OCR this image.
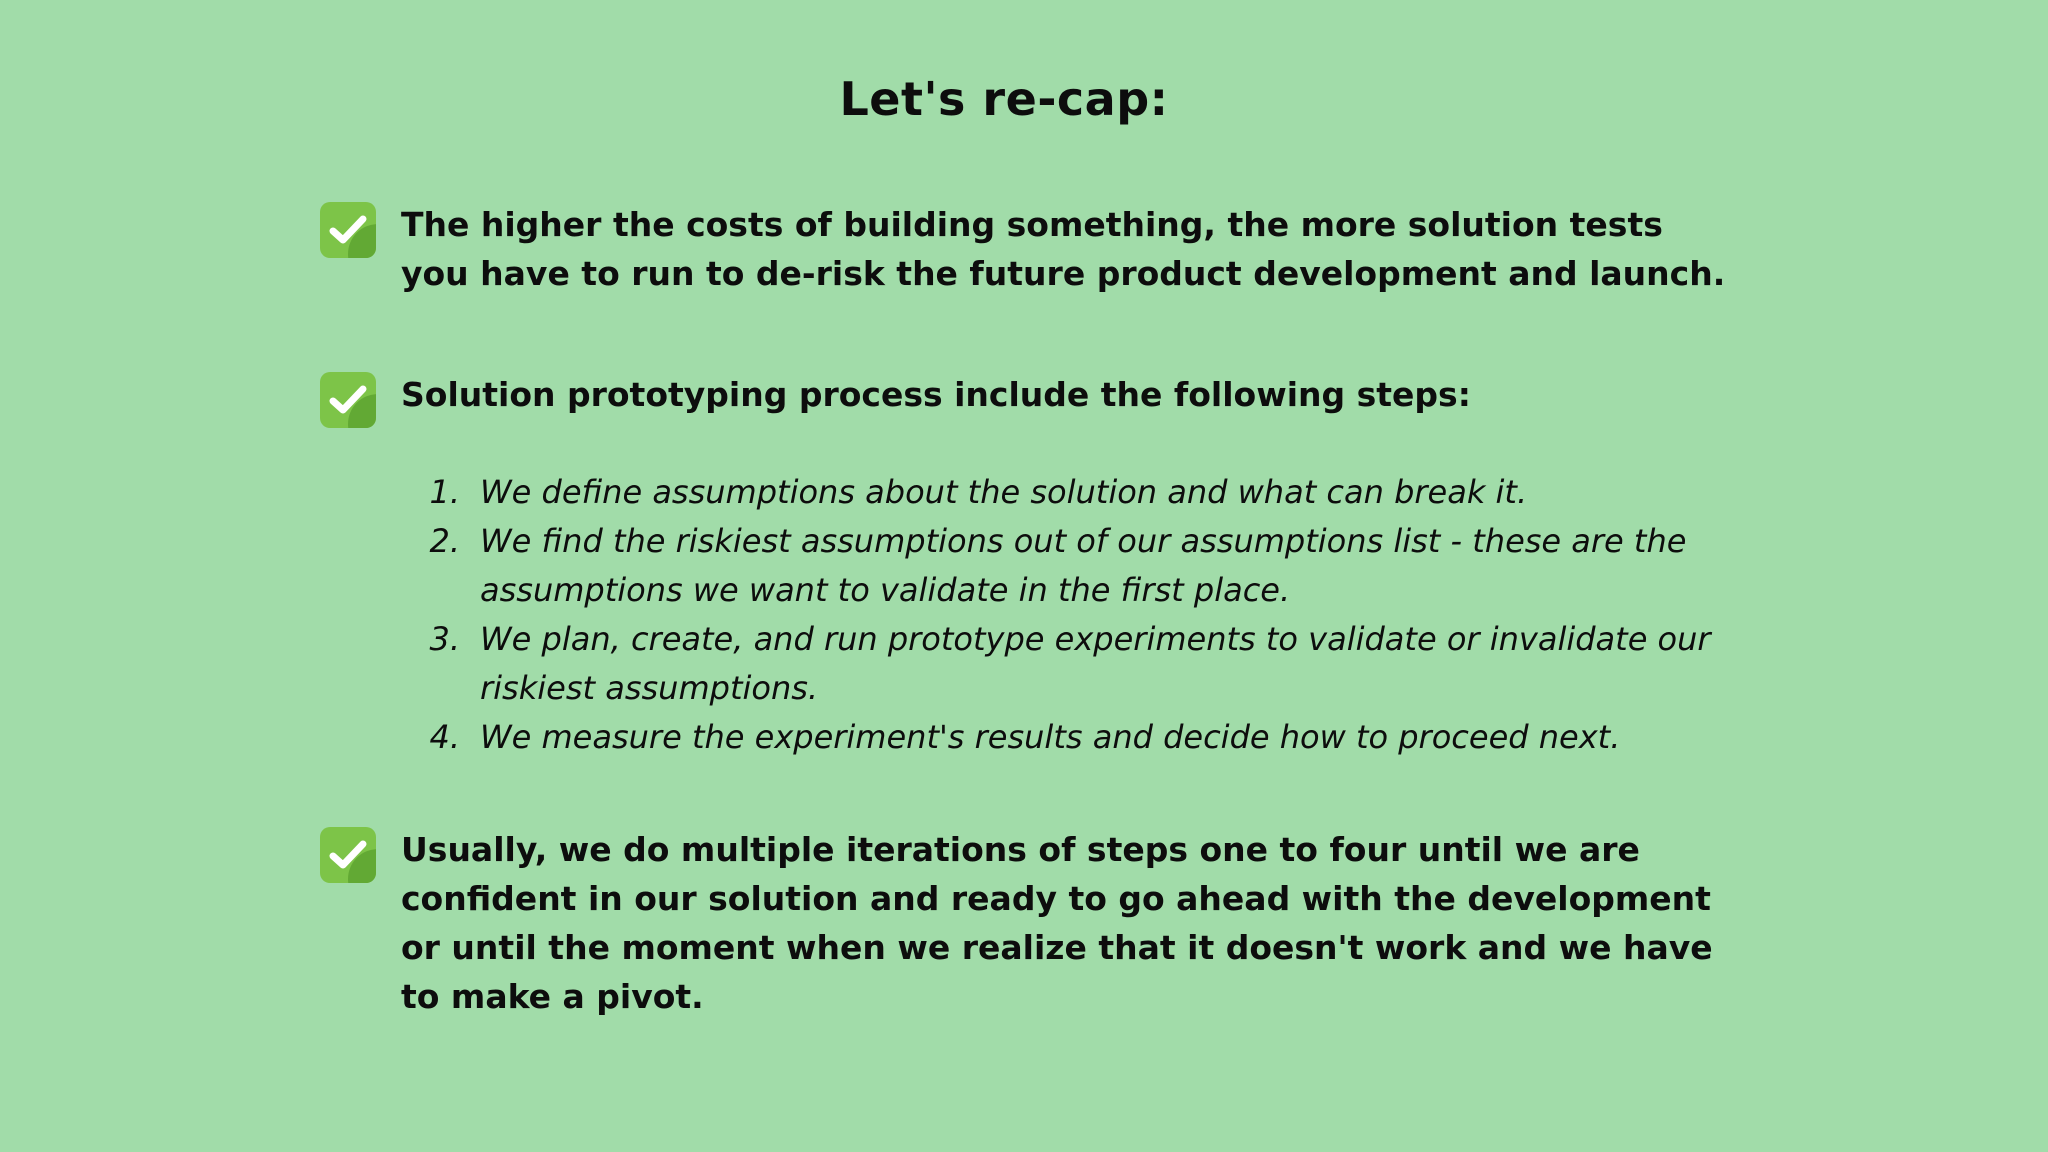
Let's re-cap:

The higher the costs of building something, the more solution tests you have to run to de-risk the future product development and launch.

Solution prototyping process include the following steps:

1. We define assumptions about the solution and what can break it.
2. We find the riskiest assumptions out of our assumptions list - these are the assumptions we want to validate in the first place.
3. We plan, create, and run prototype experiments to validate or invalidate our riskiest assumptions.
4. We measure the experiment's results and decide how to proceed next.

Usually, we do multiple iterations of steps one to four until we are confident in our solution and ready to go ahead with the development or until the moment when we realize that it doesn't work and we have to make a pivot.
